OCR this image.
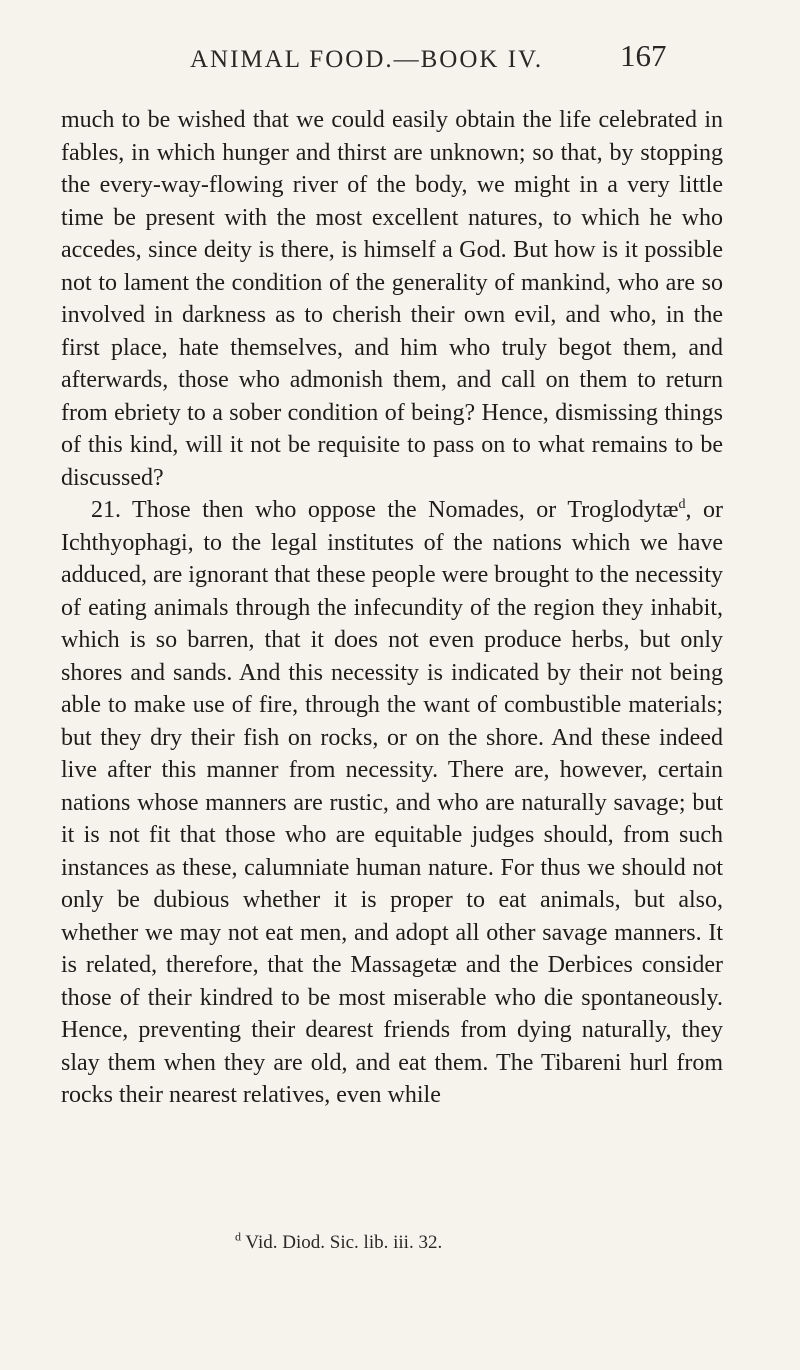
ANIMAL FOOD.—BOOK IV. 167

much to be wished that we could easily obtain the life celebrated in fables, in which hunger and thirst are unknown; so that, by stopping the every-way-flowing river of the body, we might in a very little time be present with the most excellent natures, to which he who accedes, since deity is there, is himself a God. But how is it possible not to lament the condition of the generality of mankind, who are so involved in darkness as to cherish their own evil, and who, in the first place, hate themselves, and him who truly begot them, and afterwards, those who admonish them, and call on them to return from ebriety to a sober condition of being? Hence, dismissing things of this kind, will it not be requisite to pass on to what remains to be discussed?

21. Those then who oppose the Nomades, or Troglodytæ$^d$, or Ichthyophagi, to the legal institutes of the nations which we have adduced, are ignorant that these people were brought to the necessity of eating animals through the infecundity of the region they inhabit, which is so barren, that it does not even produce herbs, but only shores and sands. And this necessity is indicated by their not being able to make use of fire, through the want of combustible materials; but they dry their fish on rocks, or on the shore. And these indeed live after this manner from necessity. There are, however, certain nations whose manners are rustic, and who are naturally savage; but it is not fit that those who are equitable judges should, from such instances as these, calumniate human nature. For thus we should not only be dubious whether it is proper to eat animals, but also, whether we may not eat men, and adopt all other savage manners. It is related, therefore, that the Massagetæ and the Derbices consider those of their kindred to be most miserable who die spontaneously. Hence, preventing their dearest friends from dying naturally, they slay them when they are old, and eat them. The Tibareni hurl from rocks their nearest relatives, even while

$^d$ Vid. Diod. Sic. lib. iii. 32.
